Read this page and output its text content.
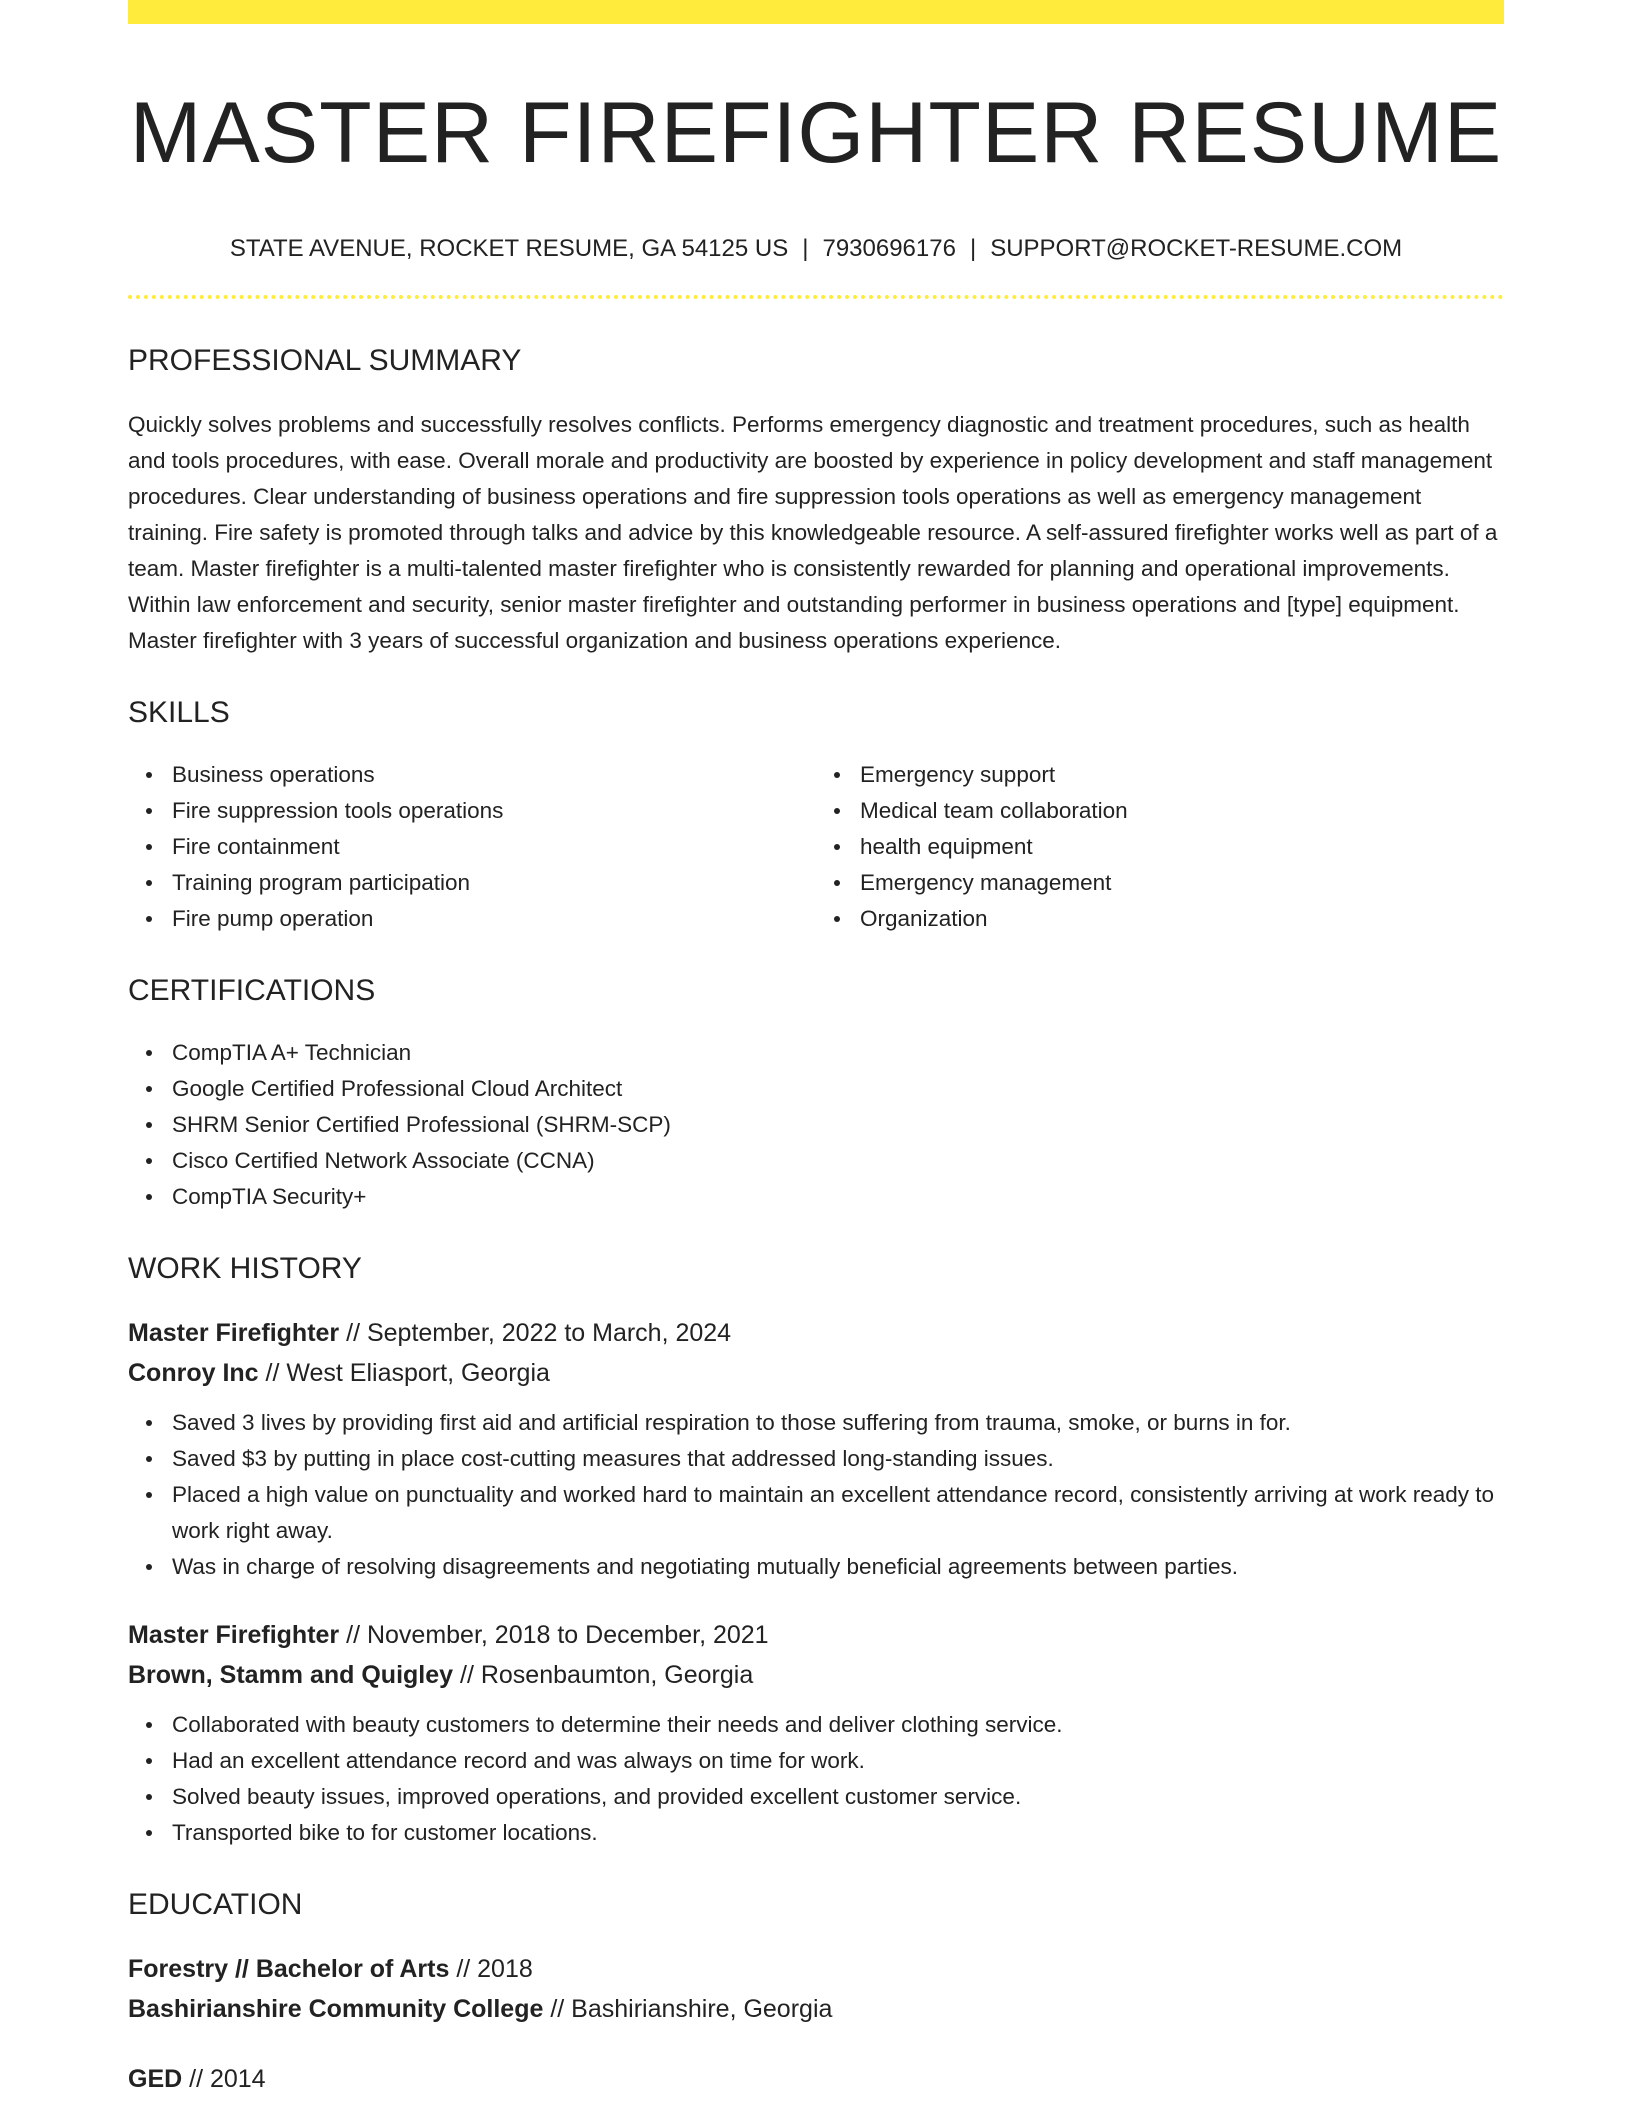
MASTER FIREFIGHTER RESUME
STATE AVENUE, ROCKET RESUME, GA 54125 US | 7930696176 | SUPPORT@ROCKET-RESUME.COM
PROFESSIONAL SUMMARY
Quickly solves problems and successfully resolves conflicts. Performs emergency diagnostic and treatment procedures, such as health and tools procedures, with ease. Overall morale and productivity are boosted by experience in policy development and staff management procedures. Clear understanding of business operations and fire suppression tools operations as well as emergency management training. Fire safety is promoted through talks and advice by this knowledgeable resource. A self-assured firefighter works well as part of a team. Master firefighter is a multi-talented master firefighter who is consistently rewarded for planning and operational improvements. Within law enforcement and security, senior master firefighter and outstanding performer in business operations and [type] equipment. Master firefighter with 3 years of successful organization and business operations experience.
SKILLS
Business operations
Fire suppression tools operations
Fire containment
Training program participation
Fire pump operation
Emergency support
Medical team collaboration
health equipment
Emergency management
Organization
CERTIFICATIONS
CompTIA A+ Technician
Google Certified Professional Cloud Architect
SHRM Senior Certified Professional (SHRM-SCP)
Cisco Certified Network Associate (CCNA)
CompTIA Security+
WORK HISTORY
Master Firefighter // September, 2022 to March, 2024
Conroy Inc // West Eliasport, Georgia
Saved 3 lives by providing first aid and artificial respiration to those suffering from trauma, smoke, or burns in for.
Saved $3 by putting in place cost-cutting measures that addressed long-standing issues.
Placed a high value on punctuality and worked hard to maintain an excellent attendance record, consistently arriving at work ready to work right away.
Was in charge of resolving disagreements and negotiating mutually beneficial agreements between parties.
Master Firefighter // November, 2018 to December, 2021
Brown, Stamm and Quigley // Rosenbaumton, Georgia
Collaborated with beauty customers to determine their needs and deliver clothing service.
Had an excellent attendance record and was always on time for work.
Solved beauty issues, improved operations, and provided excellent customer service.
Transported bike to for customer locations.
EDUCATION
Forestry // Bachelor of Arts // 2018
Bashirianshire Community College // Bashirianshire, Georgia
GED // 2014
